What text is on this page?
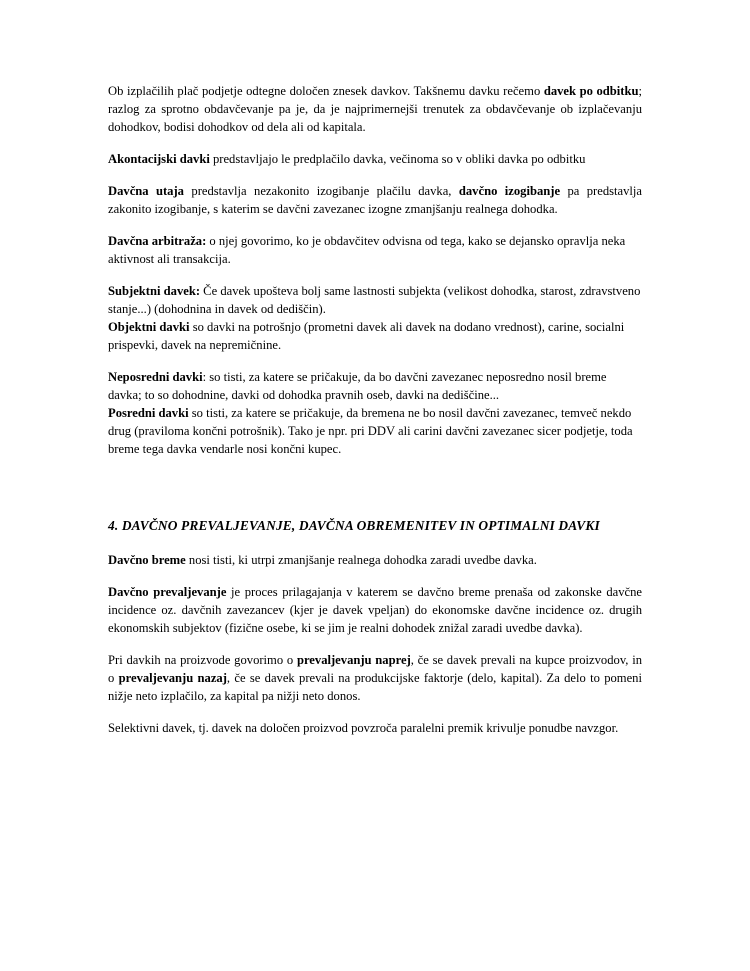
Ob izplačilih plač podjetje odtegne določen znesek davkov. Takšnemu davku rečemo davek po odbitku; razlog za sprotno obdavčevanje pa je, da je najprimernejši trenutek za obdavčevanje ob izplačevanju dohodkov, bodisi dohodkov od dela ali od kapitala.

Akontacijski davki predstavljajo le predplačilo davka, večinoma so v obliki davka po odbitku

Davčna utaja predstavlja nezakonito izogibanje plačilu davka, davčno izogibanje pa predstavlja zakonito izogibanje, s katerim se davčni zavezanec izogne zmanjšanju realnega dohodka.

Davčna arbitraža: o njej govorimo, ko je obdavčitev odvisna od tega, kako se dejansko opravlja neka aktivnost ali transakcija.

Subjektni davek: Če davek upošteva bolj same lastnosti subjekta (velikost dohodka, starost, zdravstveno stanje...) (dohodnina in davek od dediščin).
Objektni davki so davki na potrošnjo (prometni davek ali davek na dodano vrednost), carine, socialni prispevki, davek na nepremičnine.

Neposredni davki: so tisti, za katere se pričakuje, da bo davčni zavezanec neposredno nosil breme davka; to so dohodnine, davki od dohodka pravnih oseb, davki na dediščine...
Posredni davki so tisti, za katere se pričakuje, da bremena ne bo nosil davčni zavezanec, temveč nekdo drug (praviloma končni potrošnik). Tako je npr. pri DDV ali carini davčni zavezanec sicer podjetje, toda breme tega davka vendarle nosi končni kupec.

4. DAVČNO PREVALJEVANJE, DAVČNA OBREMENITEV IN OPTIMALNI DAVKI

Davčno breme nosi tisti, ki utrpi zmanjšanje realnega dohodka zaradi uvedbe davka.

Davčno prevaljevanje je proces prilagajanja v katerem se davčno breme prenaša od zakonske davčne incidence oz. davčnih zavezancev (kjer je davek vpeljan) do ekonomske davčne incidence oz. drugih ekonomskih subjektov (fizične osebe, ki se jim je realni dohodek znižal zaradi uvedbe davka).

Pri davkih na proizvode govorimo o prevaljevanju naprej, če se davek prevali na kupce proizvodov, in o prevaljevanju nazaj, če se davek prevali na produkcijske faktorje (delo, kapital). Za delo to pomeni nižje neto izplačilo, za kapital pa nižji neto donos.

Selektivni davek, tj. davek na določen proizvod povzroča paralelni premik krivulje ponudbe navzgor.
